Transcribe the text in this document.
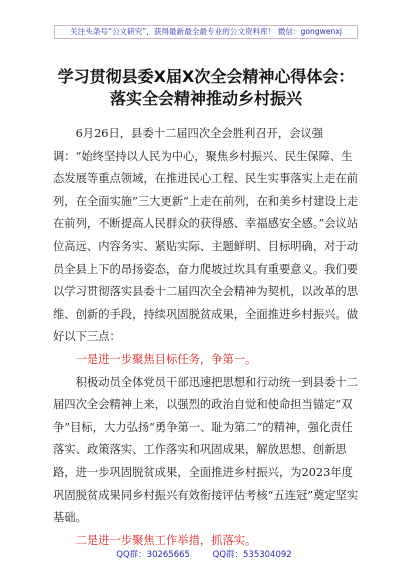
关注头条号“公文研究”，获得最新最全最专业的公文资料库！ 微信：gongwenxj
学习贯彻县委X届X次全会精神心得体会：
落实全会精神推动乡村振兴

6月26日，县委十二届四次全会胜利召开，会议强调：“始终坚持以人民为中心，聚焦乡村振兴、民生保障、生态发展等重点领域，在推进民心工程、民生实事落实上走在前列，在全面实施”三大更新“上走在前列，在和美乡村建设上走在前列，不断提高人民群众的获得感、幸福感安全感。”会议站位高远、内容务实、紧贴实际、主题鲜明、目标明确，对于动员全县上下的昂扬姿态，奋力爬坡过坎具有重要意义。我们要以学习贯彻落实县委十二届四次全会精神为契机，以改革的思维、创新的手段，持续巩固脱贫成果，全面推进乡村振兴。做好以下三点：

一是进一步聚焦目标任务，争第一。

积极动员全体党员干部迅速把思想和行动统一到县委十二届四次全会精神上来，以强烈的政治自觉和使命担当锚定“双争”目标，大力弘扬“勇争第一、耻为第二”的精神，强化责任落实、政策落实、工作落实和巩固成果，解放思想、创新思路，进一步巩固脱贫成果，全面推进乡村振兴，为2023年度巩固脱贫成果同乡村振兴有效衔接评估考核“五连冠”奠定坚实基础。

二是进一步聚焦工作举措，抓落实。

QQ群：30265665	QQ群：535304092
